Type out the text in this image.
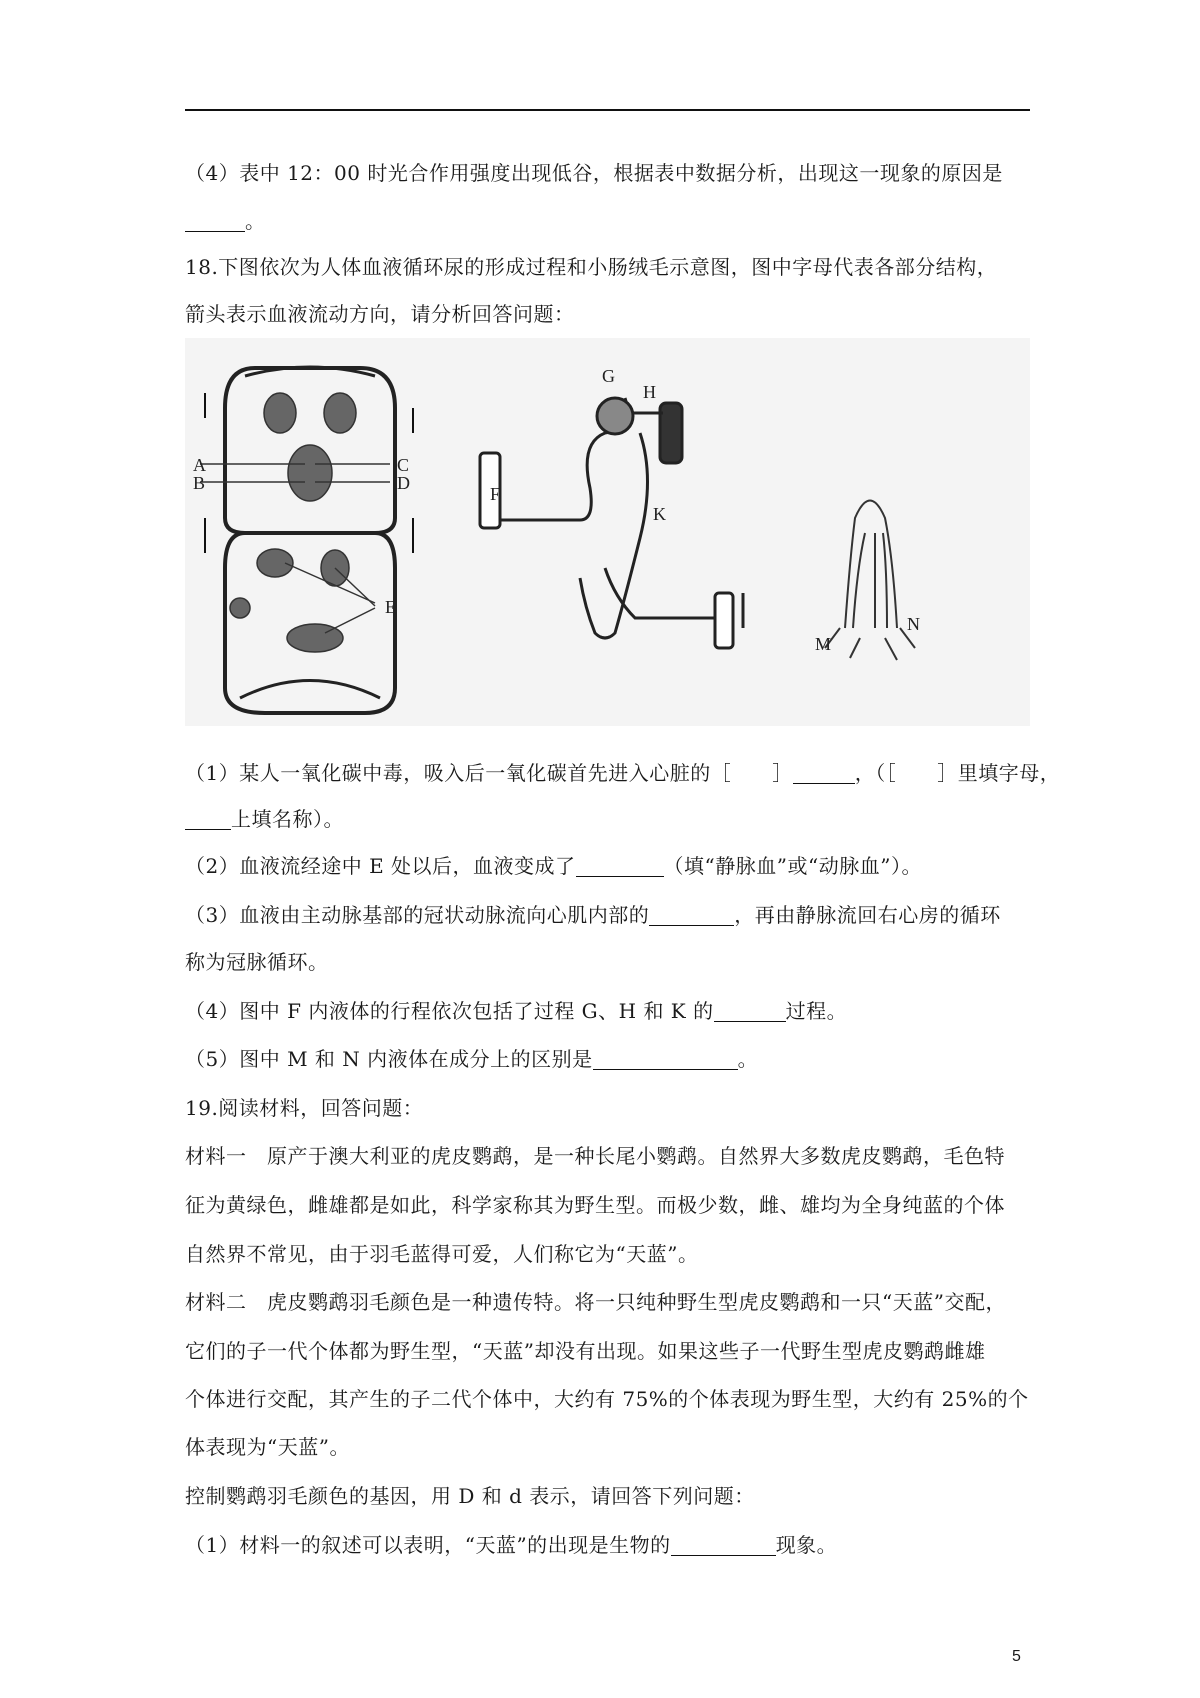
（4）表中 12：00 时光合作用强度出现低谷，根据表中数据分析，出现这一现象的原因是
。
18.下图依次为人体血液循环尿的形成过程和小肠绒毛示意图，图中字母代表各部分结构，
箭头表示血液流动方向，请分析回答问题：
A
B
C
D
E
F
G
H
K
M
N
（1）某人一氧化碳中毒，吸入后一氧化碳首先进入心脏的［　　］	，（［　　］里填字母，
上填名称）。
（2）血液流经途中 E 处以后，血液变成了	（填“静脉血”或“动脉血”）。
（3）血液由主动脉基部的冠状动脉流向心肌内部的	，再由静脉流回右心房的循环
称为冠脉循环。
（4）图中 F 内液体的行程依次包括了过程 G、H 和 K 的	过程。
（5）图中 M 和 N 内液体在成分上的区别是	。
19.阅读材料，回答问题：
材料一　原产于澳大利亚的虎皮鹦鹉，是一种长尾小鹦鹉。自然界大多数虎皮鹦鹉，毛色特
征为黄绿色，雌雄都是如此，科学家称其为野生型。而极少数，雌、雄均为全身纯蓝的个体
自然界不常见，由于羽毛蓝得可爱，人们称它为“天蓝”。
材料二　虎皮鹦鹉羽毛颜色是一种遗传特。将一只纯种野生型虎皮鹦鹉和一只“天蓝”交配，
它们的子一代个体都为野生型，“天蓝”却没有出现。如果这些子一代野生型虎皮鹦鹉雌雄
个体进行交配，其产生的子二代个体中，大约有 75%的个体表现为野生型，大约有 25%的个
体表现为“天蓝”。
控制鹦鹉羽毛颜色的基因，用 D 和 d 表示，请回答下列问题：
（1）材料一的叙述可以表明，“天蓝”的出现是生物的	现象。
5
